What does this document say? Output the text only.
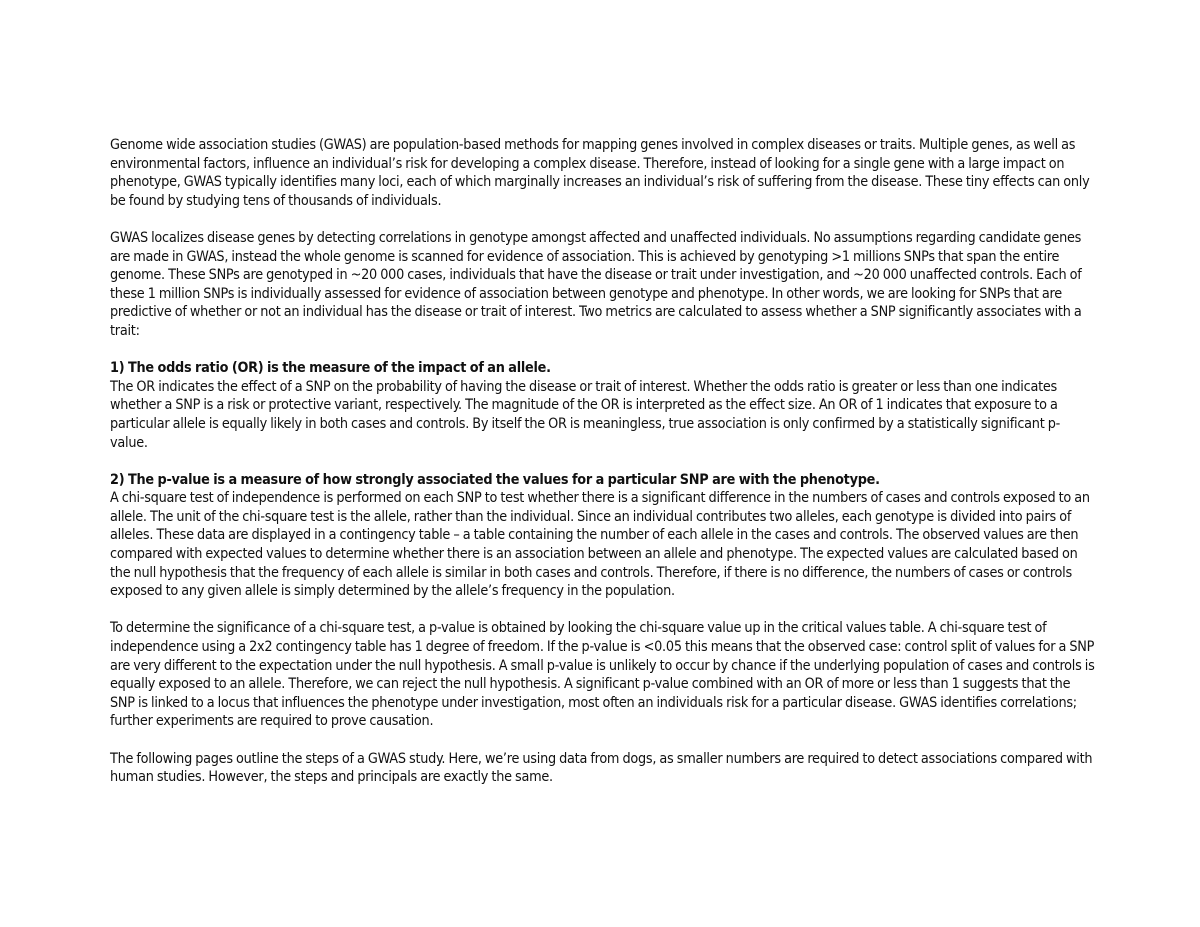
Genome wide association studies (GWAS) are population-based methods for mapping genes involved in complex diseases or traits. Multiple genes, as well as environmental factors, influence an individual’s risk for developing a complex disease. Therefore, instead of looking for a single gene with a large impact on phenotype, GWAS typically identifies many loci, each of which marginally increases an individual’s risk of suffering from the disease. These tiny effects can only be found by studying tens of thousands of individuals.

GWAS localizes disease genes by detecting correlations in genotype amongst affected and unaffected individuals. No assumptions regarding candidate genes are made in GWAS, instead the whole genome is scanned for evidence of association. This is achieved by genotyping >1 millions SNPs that span the entire genome. These SNPs are genotyped in ~20 000 cases, individuals that have the disease or trait under investigation, and ~20 000 unaffected controls. Each of these 1 million SNPs is individually assessed for evidence of association between genotype and phenotype. In other words, we are looking for SNPs that are predictive of whether or not an individual has the disease or trait of interest. Two metrics are calculated to assess whether a SNP significantly associates with a trait:

1) The odds ratio (OR) is the measure of the impact of an allele.

The OR indicates the effect of a SNP on the probability of having the disease or trait of interest. Whether the odds ratio is greater or less than one indicates whether a SNP is a risk or protective variant, respectively. The magnitude of the OR is interpreted as the effect size. An OR of 1 indicates that exposure to a particular allele is equally likely in both cases and controls. By itself the OR is meaningless, true association is only confirmed by a statistically significant p-value.

2) The p-value is a measure of how strongly associated the values for a particular SNP are with the phenotype.

A chi-square test of independence is performed on each SNP to test whether there is a significant difference in the numbers of cases and controls exposed to an allele. The unit of the chi-square test is the allele, rather than the individual. Since an individual contributes two alleles, each genotype is divided into pairs of alleles. These data are displayed in a contingency table – a table containing the number of each allele in the cases and controls. The observed values are then compared with expected values to determine whether there is an association between an allele and phenotype. The expected values are calculated based on the null hypothesis that the frequency of each allele is similar in both cases and controls. Therefore, if there is no difference, the numbers of cases or controls exposed to any given allele is simply determined by the allele’s frequency in the population.

To determine the significance of a chi-square test, a p-value is obtained by looking the chi-square value up in the critical values table. A chi-square test of independence using a 2x2 contingency table has 1 degree of freedom. If the p-value is <0.05 this means that the observed case: control split of values for a SNP are very different to the expectation under the null hypothesis. A small p-value is unlikely to occur by chance if the underlying population of cases and controls is equally exposed to an allele. Therefore, we can reject the null hypothesis. A significant p-value combined with an OR of more or less than 1 suggests that the SNP is linked to a locus that influences the phenotype under investigation, most often an individuals risk for a particular disease. GWAS identifies correlations; further experiments are required to prove causation.

The following pages outline the steps of a GWAS study. Here, we’re using data from dogs, as smaller numbers are required to detect associations compared with human studies. However, the steps and principals are exactly the same.
